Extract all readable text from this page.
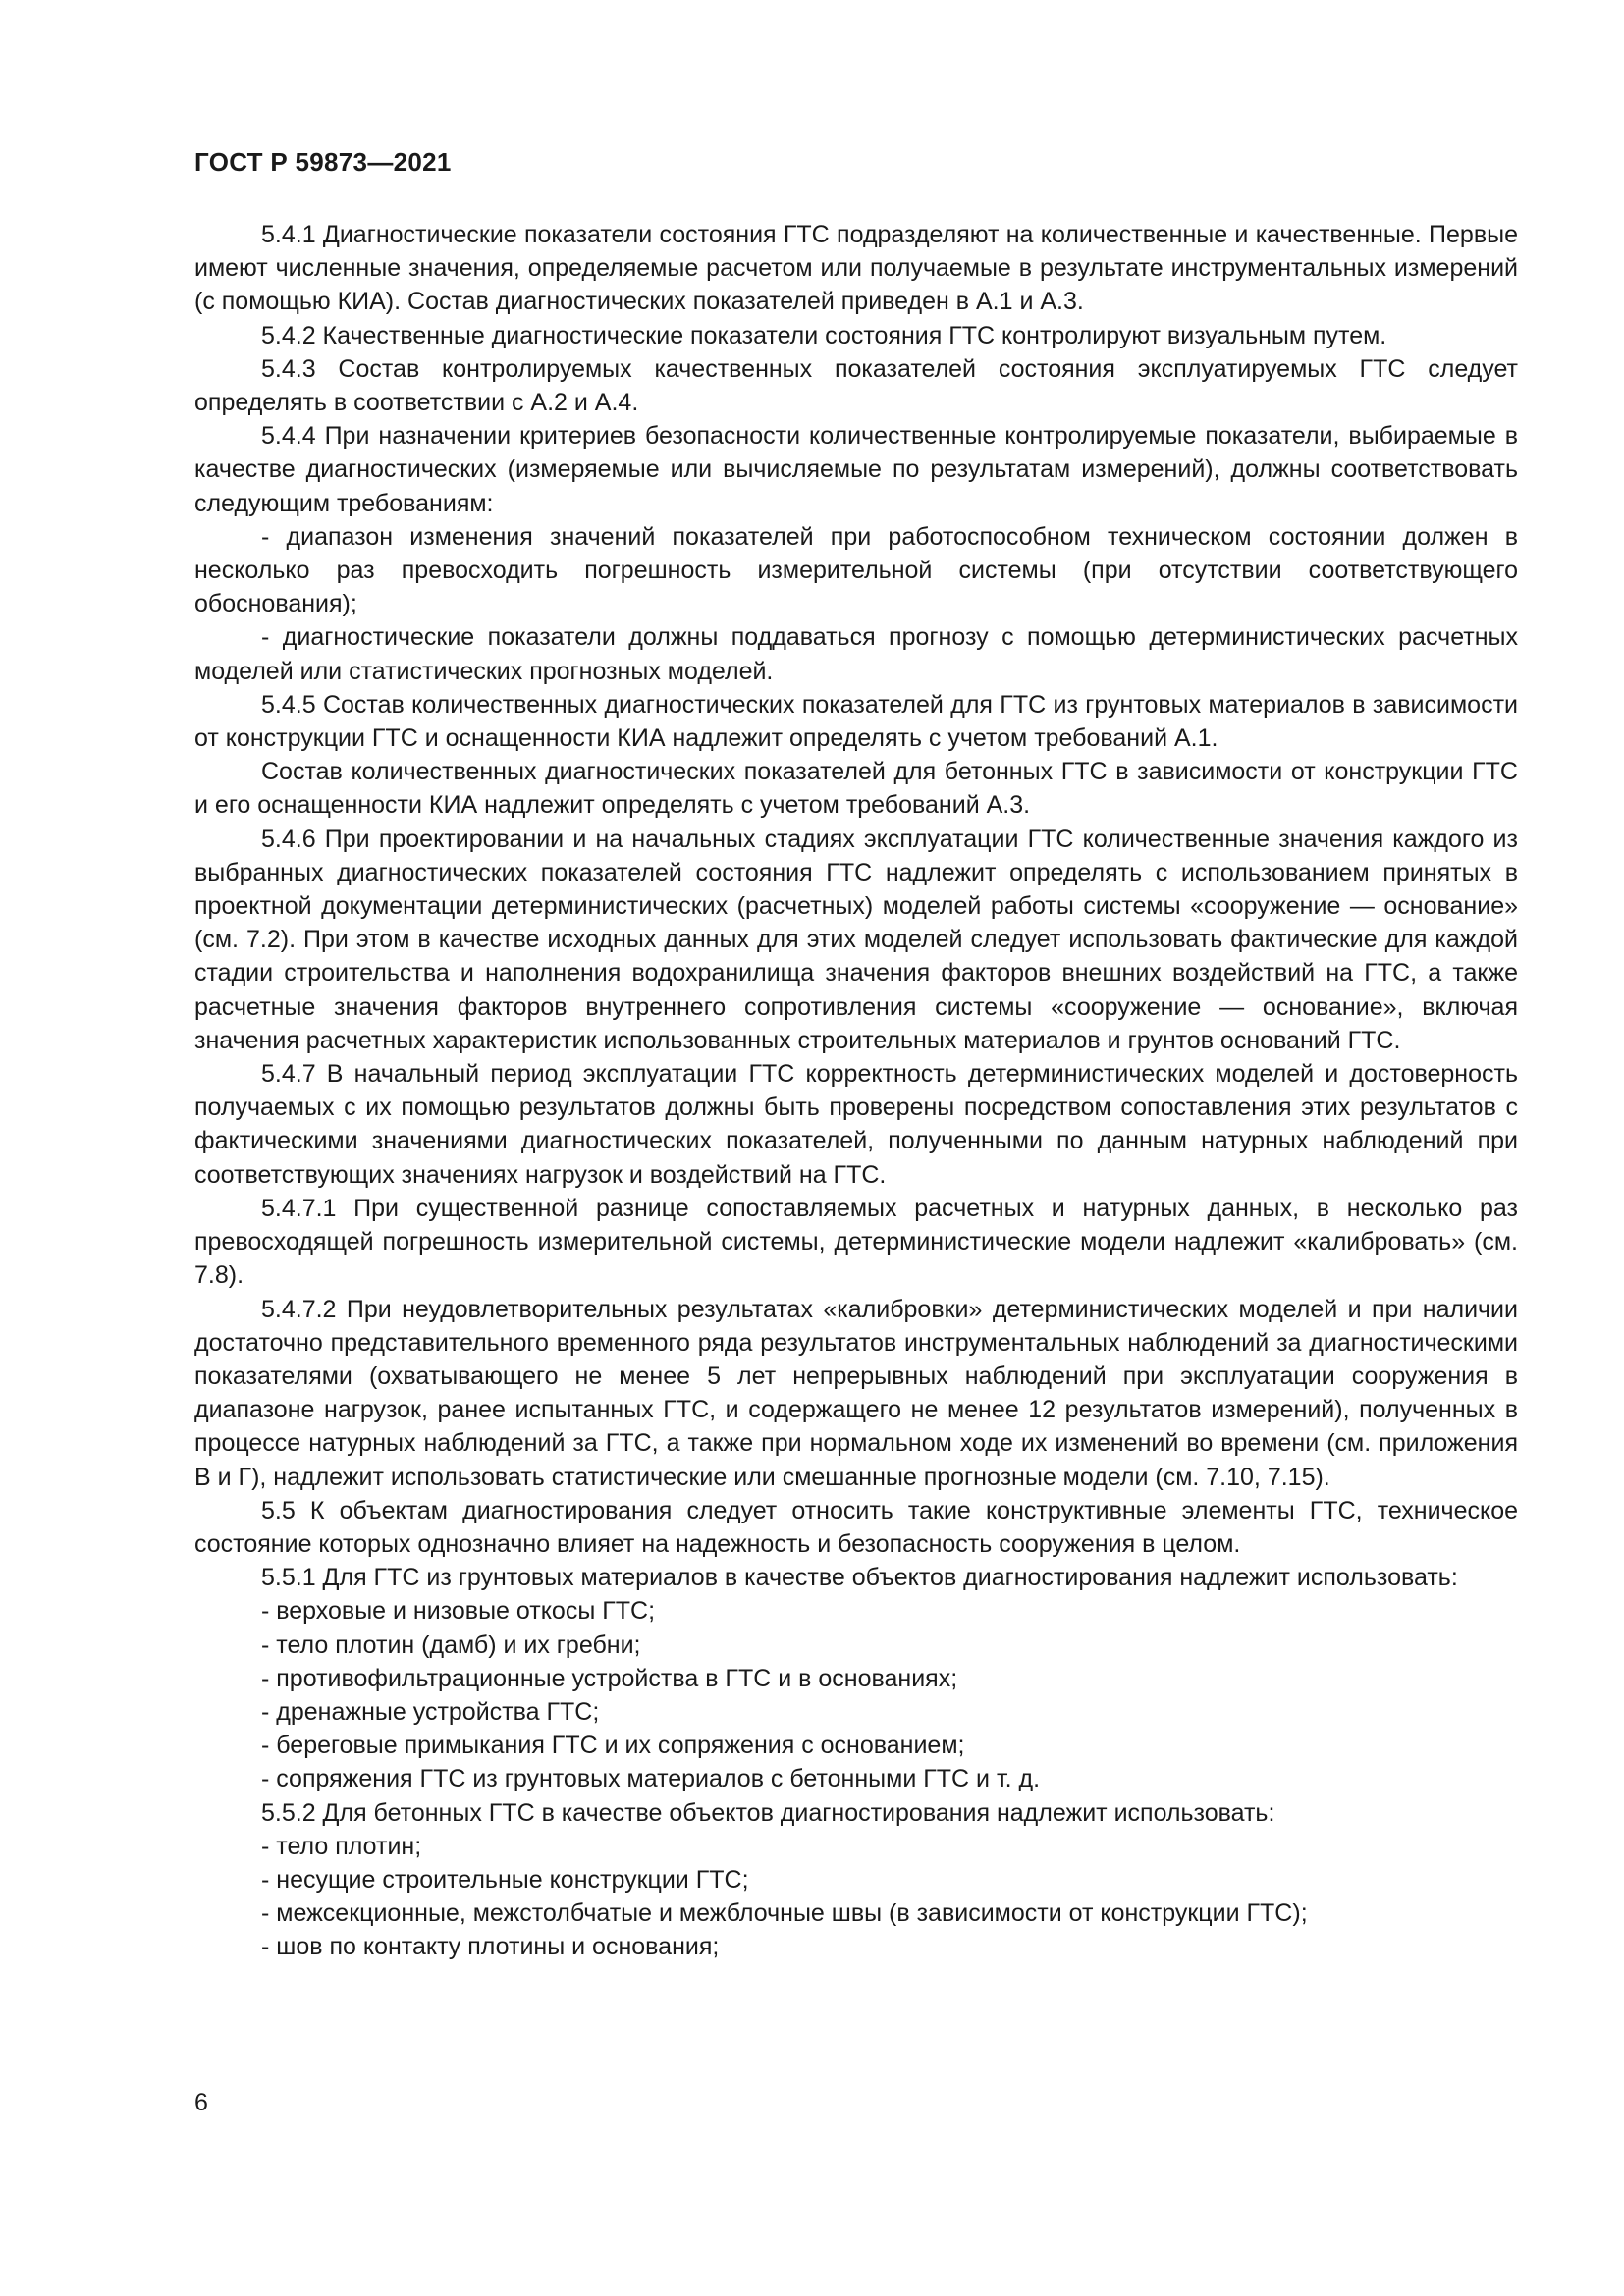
ГОСТ Р 59873—2021

5.4.1 Диагностические показатели состояния ГТС подразделяют на количественные и качественные. Первые имеют численные значения, определяемые расчетом или получаемые в результате инструментальных измерений (с помощью КИА). Состав диагностических показателей приведен в А.1 и А.3.

5.4.2 Качественные диагностические показатели состояния ГТС контролируют визуальным путем.

5.4.3 Состав контролируемых качественных показателей состояния эксплуатируемых ГТС следует определять в соответствии с А.2 и А.4.

5.4.4 При назначении критериев безопасности количественные контролируемые показатели, выбираемые в качестве диагностических (измеряемые или вычисляемые по результатам измерений), должны соответствовать следующим требованиям:

- диапазон изменения значений показателей при работоспособном техническом состоянии должен в несколько раз превосходить погрешность измерительной системы (при отсутствии соответствующего обоснования);

- диагностические показатели должны поддаваться прогнозу с помощью детерминистических расчетных моделей или статистических прогнозных моделей.

5.4.5 Состав количественных диагностических показателей для ГТС из грунтовых материалов в зависимости от конструкции ГТС и оснащенности КИА надлежит определять с учетом требований А.1.

Состав количественных диагностических показателей для бетонных ГТС в зависимости от конструкции ГТС и его оснащенности КИА надлежит определять с учетом требований А.3.

5.4.6 При проектировании и на начальных стадиях эксплуатации ГТС количественные значения каждого из выбранных диагностических показателей состояния ГТС надлежит определять с использованием принятых в проектной документации детерминистических (расчетных) моделей работы системы «сооружение — основание» (см. 7.2). При этом в качестве исходных данных для этих моделей следует использовать фактические для каждой стадии строительства и наполнения водохранилища значения факторов внешних воздействий на ГТС, а также расчетные значения факторов внутреннего сопротивления системы «сооружение — основание», включая значения расчетных характеристик использованных строительных материалов и грунтов оснований ГТС.

5.4.7 В начальный период эксплуатации ГТС корректность детерминистических моделей и достоверность получаемых с их помощью результатов должны быть проверены посредством сопоставления этих результатов с фактическими значениями диагностических показателей, полученными по данным натурных наблюдений при соответствующих значениях нагрузок и воздействий на ГТС.

5.4.7.1 При существенной разнице сопоставляемых расчетных и натурных данных, в несколько раз превосходящей погрешность измерительной системы, детерминистические модели надлежит «калибровать» (см. 7.8).

5.4.7.2 При неудовлетворительных результатах «калибровки» детерминистических моделей и при наличии достаточно представительного временного ряда результатов инструментальных наблюдений за диагностическими показателями (охватывающего не менее 5 лет непрерывных наблюдений при эксплуатации сооружения в диапазоне нагрузок, ранее испытанных ГТС, и содержащего не менее 12 результатов измерений), полученных в процессе натурных наблюдений за ГТС, а также при нормальном ходе их изменений во времени (см. приложения В и Г), надлежит использовать статистические или смешанные прогнозные модели (см. 7.10, 7.15).

5.5 К объектам диагностирования следует относить такие конструктивные элементы ГТС, техническое состояние которых однозначно влияет на надежность и безопасность сооружения в целом.

5.5.1 Для ГТС из грунтовых материалов в качестве объектов диагностирования надлежит использовать:

- верховые и низовые откосы ГТС;

- тело плотин (дамб) и их гребни;

- противофильтрационные устройства в ГТС и в основаниях;

- дренажные устройства ГТС;

- береговые примыкания ГТС и их сопряжения с основанием;

- сопряжения ГТС из грунтовых материалов с бетонными ГТС и т. д.

5.5.2 Для бетонных ГТС в качестве объектов диагностирования надлежит использовать:

- тело плотин;

- несущие строительные конструкции ГТС;

- межсекционные, межстолбчатые и межблочные швы (в зависимости от конструкции ГТС);

- шов по контакту плотины и основания;

6
